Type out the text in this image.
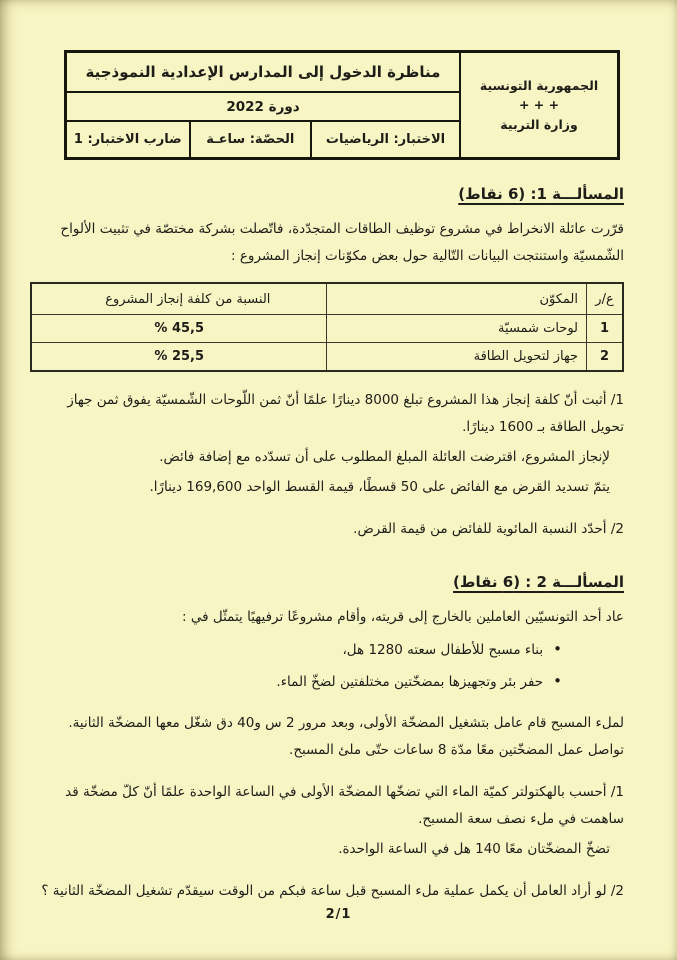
الجمهورية التونسية
+ + +
وزارة التربية
مناظرة الدخول إلى المدارس الإعدادية النموذجية
دورة 2022
الاختبار: الرياضيات
الحصّة: ساعـة
ضارب الاختبار: 1
المسألـــة 1: (6 نقاط)

قرّرت عائلة الانخراط في مشروع توظيف الطاقات المتجدّدة، فاتّصلت بشركة مختصّة في تثبيت الألواح الشّمسيّة واستنتجت البيانات التّالية حول بعض مكوّنات إنجاز المشروع :

ع/ر
المكوّن
النسبة من كلفة إنجاز المشروع
1
لوحات شمسيّة
45,5 %
2
جهاز لتحويل الطاقة
25,5 %

1/ أثبت أنّ كلفة إنجاز هذا المشروع تبلغ 8000 دينارًا علمًا أنّ ثمن اللّوحات الشّمسيّة يفوق ثمن جهاز تحويل الطاقة بـ 1600 دينارًا.

لإنجاز المشروع، اقترضت العائلة المبلغ المطلوب على أن تسدّده مع إضافة فائض.

يتمّ تسديد القرض مع الفائض على 50 قسطًا، قيمة القسط الواحد 169,600 دينارًا.

2/ أحدّد النسبة المائوية للفائض من قيمة القرض.

المسألـــة 2 : (6 نقاط)

عاد أحد التونسيّين العاملين بالخارج إلى قريته، وأقام مشروعًا ترفيهيًا يتمثّل في :

•
بناء مسبح للأطفال سعته 1280 هل،
•
حفر بئر وتجهيزها بمضخّتين مختلفتين لضخّ الماء.

لملء المسبح قام عامل بتشغيل المضخّة الأولى، وبعد مرور 2 س و40 دق شغّل معها المضخّة الثانية. تواصل عمل المضخّتين معًا مدّة 8 ساعات حتّى ملئ المسبح.

1/ أحسب بالهكتولتر كميّة الماء التي تضخّها المضخّة الأولى في الساعة الواحدة علمًا أنّ كلّ مضخّة قد ساهمت في ملء نصف سعة المسبح.

تضخّ المضخّتان معًا 140 هل في الساعة الواحدة.

2/ لو أراد العامل أن يكمل عملية ملء المسبح قبل ساعة فبكم من الوقت سيقدّم تشغيل المضخّة الثانية ؟

2/1
